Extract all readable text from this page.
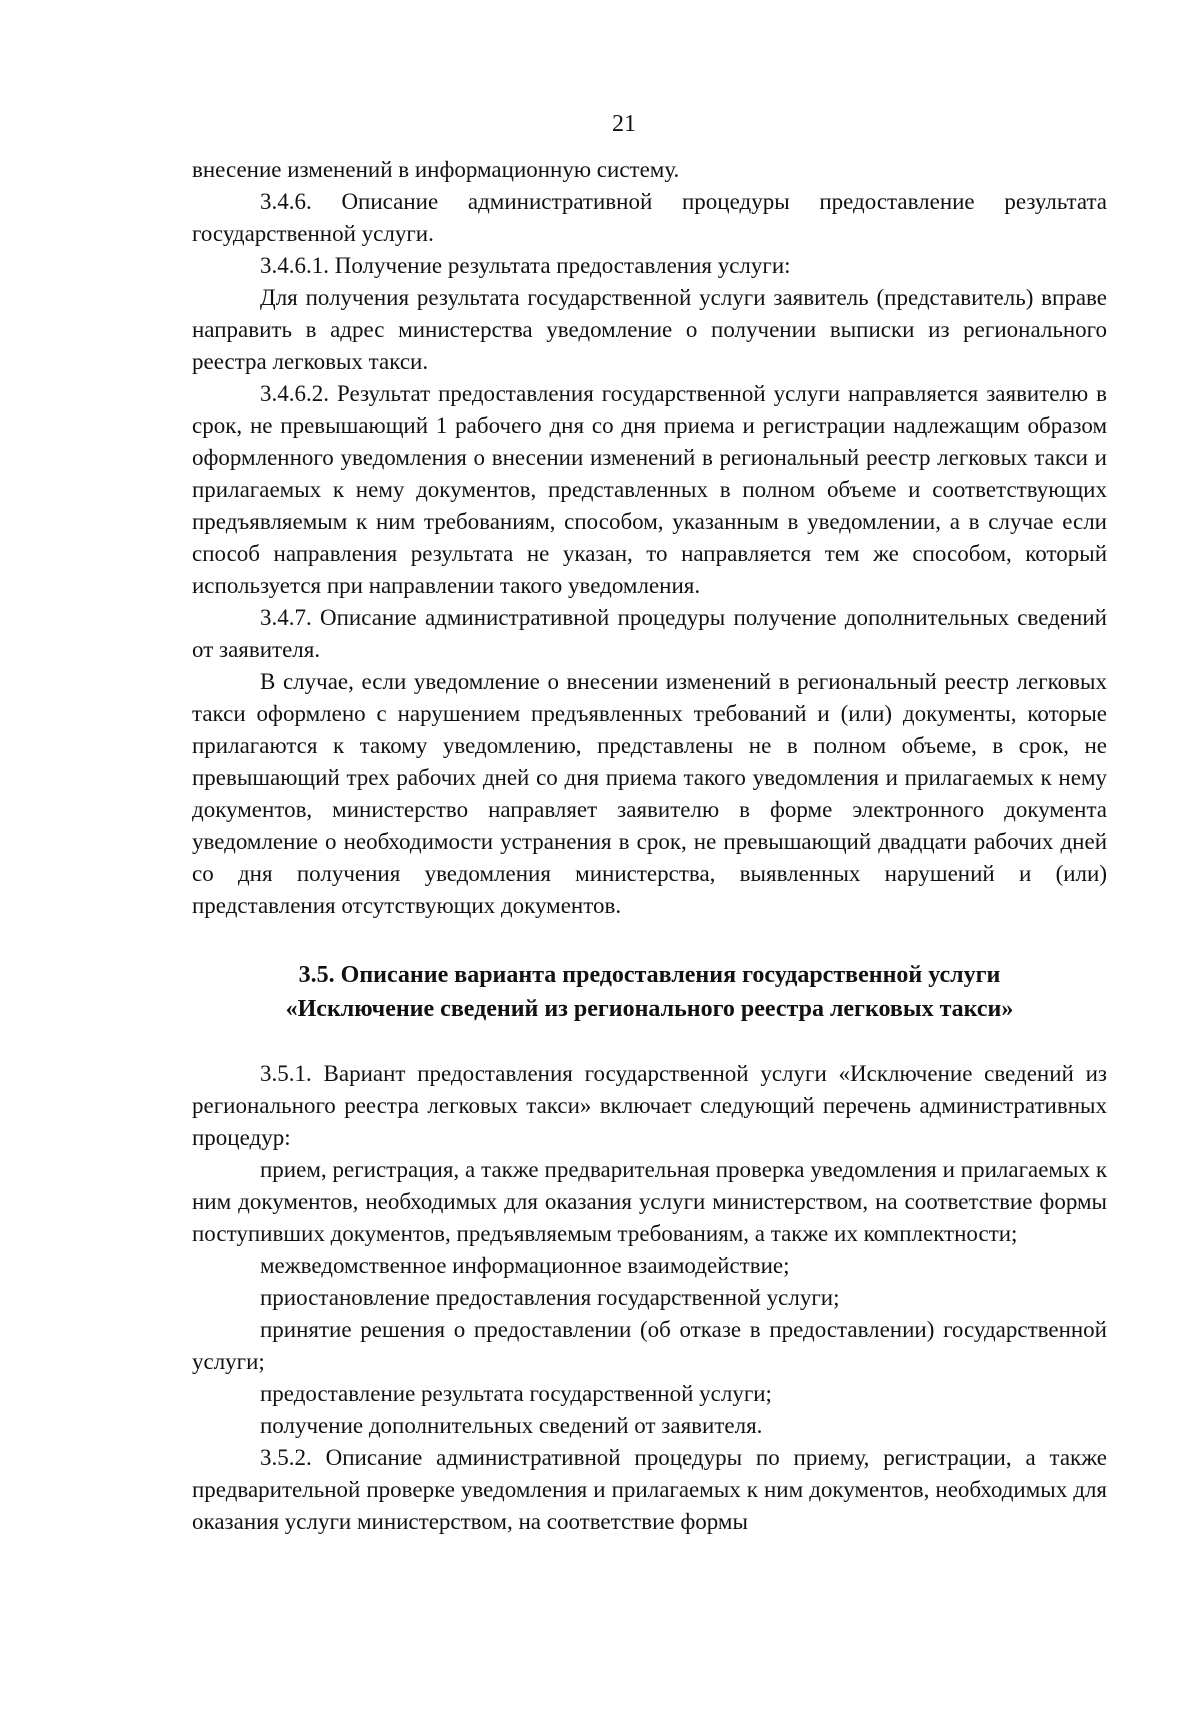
21

внесение изменений в информационную систему.

3.4.6. Описание административной процедуры предоставление результата государственной услуги.

3.4.6.1. Получение результата предоставления услуги:

Для получения результата государственной услуги заявитель (представитель) вправе направить в адрес министерства уведомление о получении выписки из регионального реестра легковых такси.

3.4.6.2. Результат предоставления государственной услуги направляется заявителю в срок, не превышающий 1 рабочего дня со дня приема и регистрации надлежащим образом оформленного уведомления о внесении изменений в региональный реестр легковых такси и прилагаемых к нему документов, представленных в полном объеме и соответствующих предъявляемым к ним требованиям, способом, указанным в уведомлении, а в случае если способ направления результата не указан, то направляется тем же способом, который используется при направлении такого уведомления.

3.4.7. Описание административной процедуры получение дополнительных сведений от заявителя.

В случае, если уведомление о внесении изменений в региональный реестр легковых такси оформлено с нарушением предъявленных требований и (или) документы, которые прилагаются к такому уведомлению, представлены не в полном объеме, в срок, не превышающий трех рабочих дней со дня приема такого уведомления и прилагаемых к нему документов, министерство направляет заявителю в форме электронного документа уведомление о необходимости устранения в срок, не превышающий двадцати рабочих дней со дня получения уведомления министерства, выявленных нарушений и (или) представления отсутствующих документов.

3.5. Описание варианта предоставления государственной услуги
«Исключение сведений из регионального реестра легковых такси»

3.5.1. Вариант предоставления государственной услуги «Исключение сведений из регионального реестра легковых такси» включает следующий перечень административных процедур:

прием, регистрация, а также предварительная проверка уведомления и прилагаемых к ним документов, необходимых для оказания услуги министерством, на соответствие формы поступивших документов, предъявляемым требованиям, а также их комплектности;

межведомственное информационное взаимодействие;

приостановление предоставления государственной услуги;

принятие решения о предоставлении (об отказе в предоставлении) государственной услуги;

предоставление результата государственной услуги;

получение дополнительных сведений от заявителя.

3.5.2. Описание административной процедуры по приему, регистрации, а также предварительной проверке уведомления и прилагаемых к ним документов, необходимых для оказания услуги министерством, на соответствие формы
